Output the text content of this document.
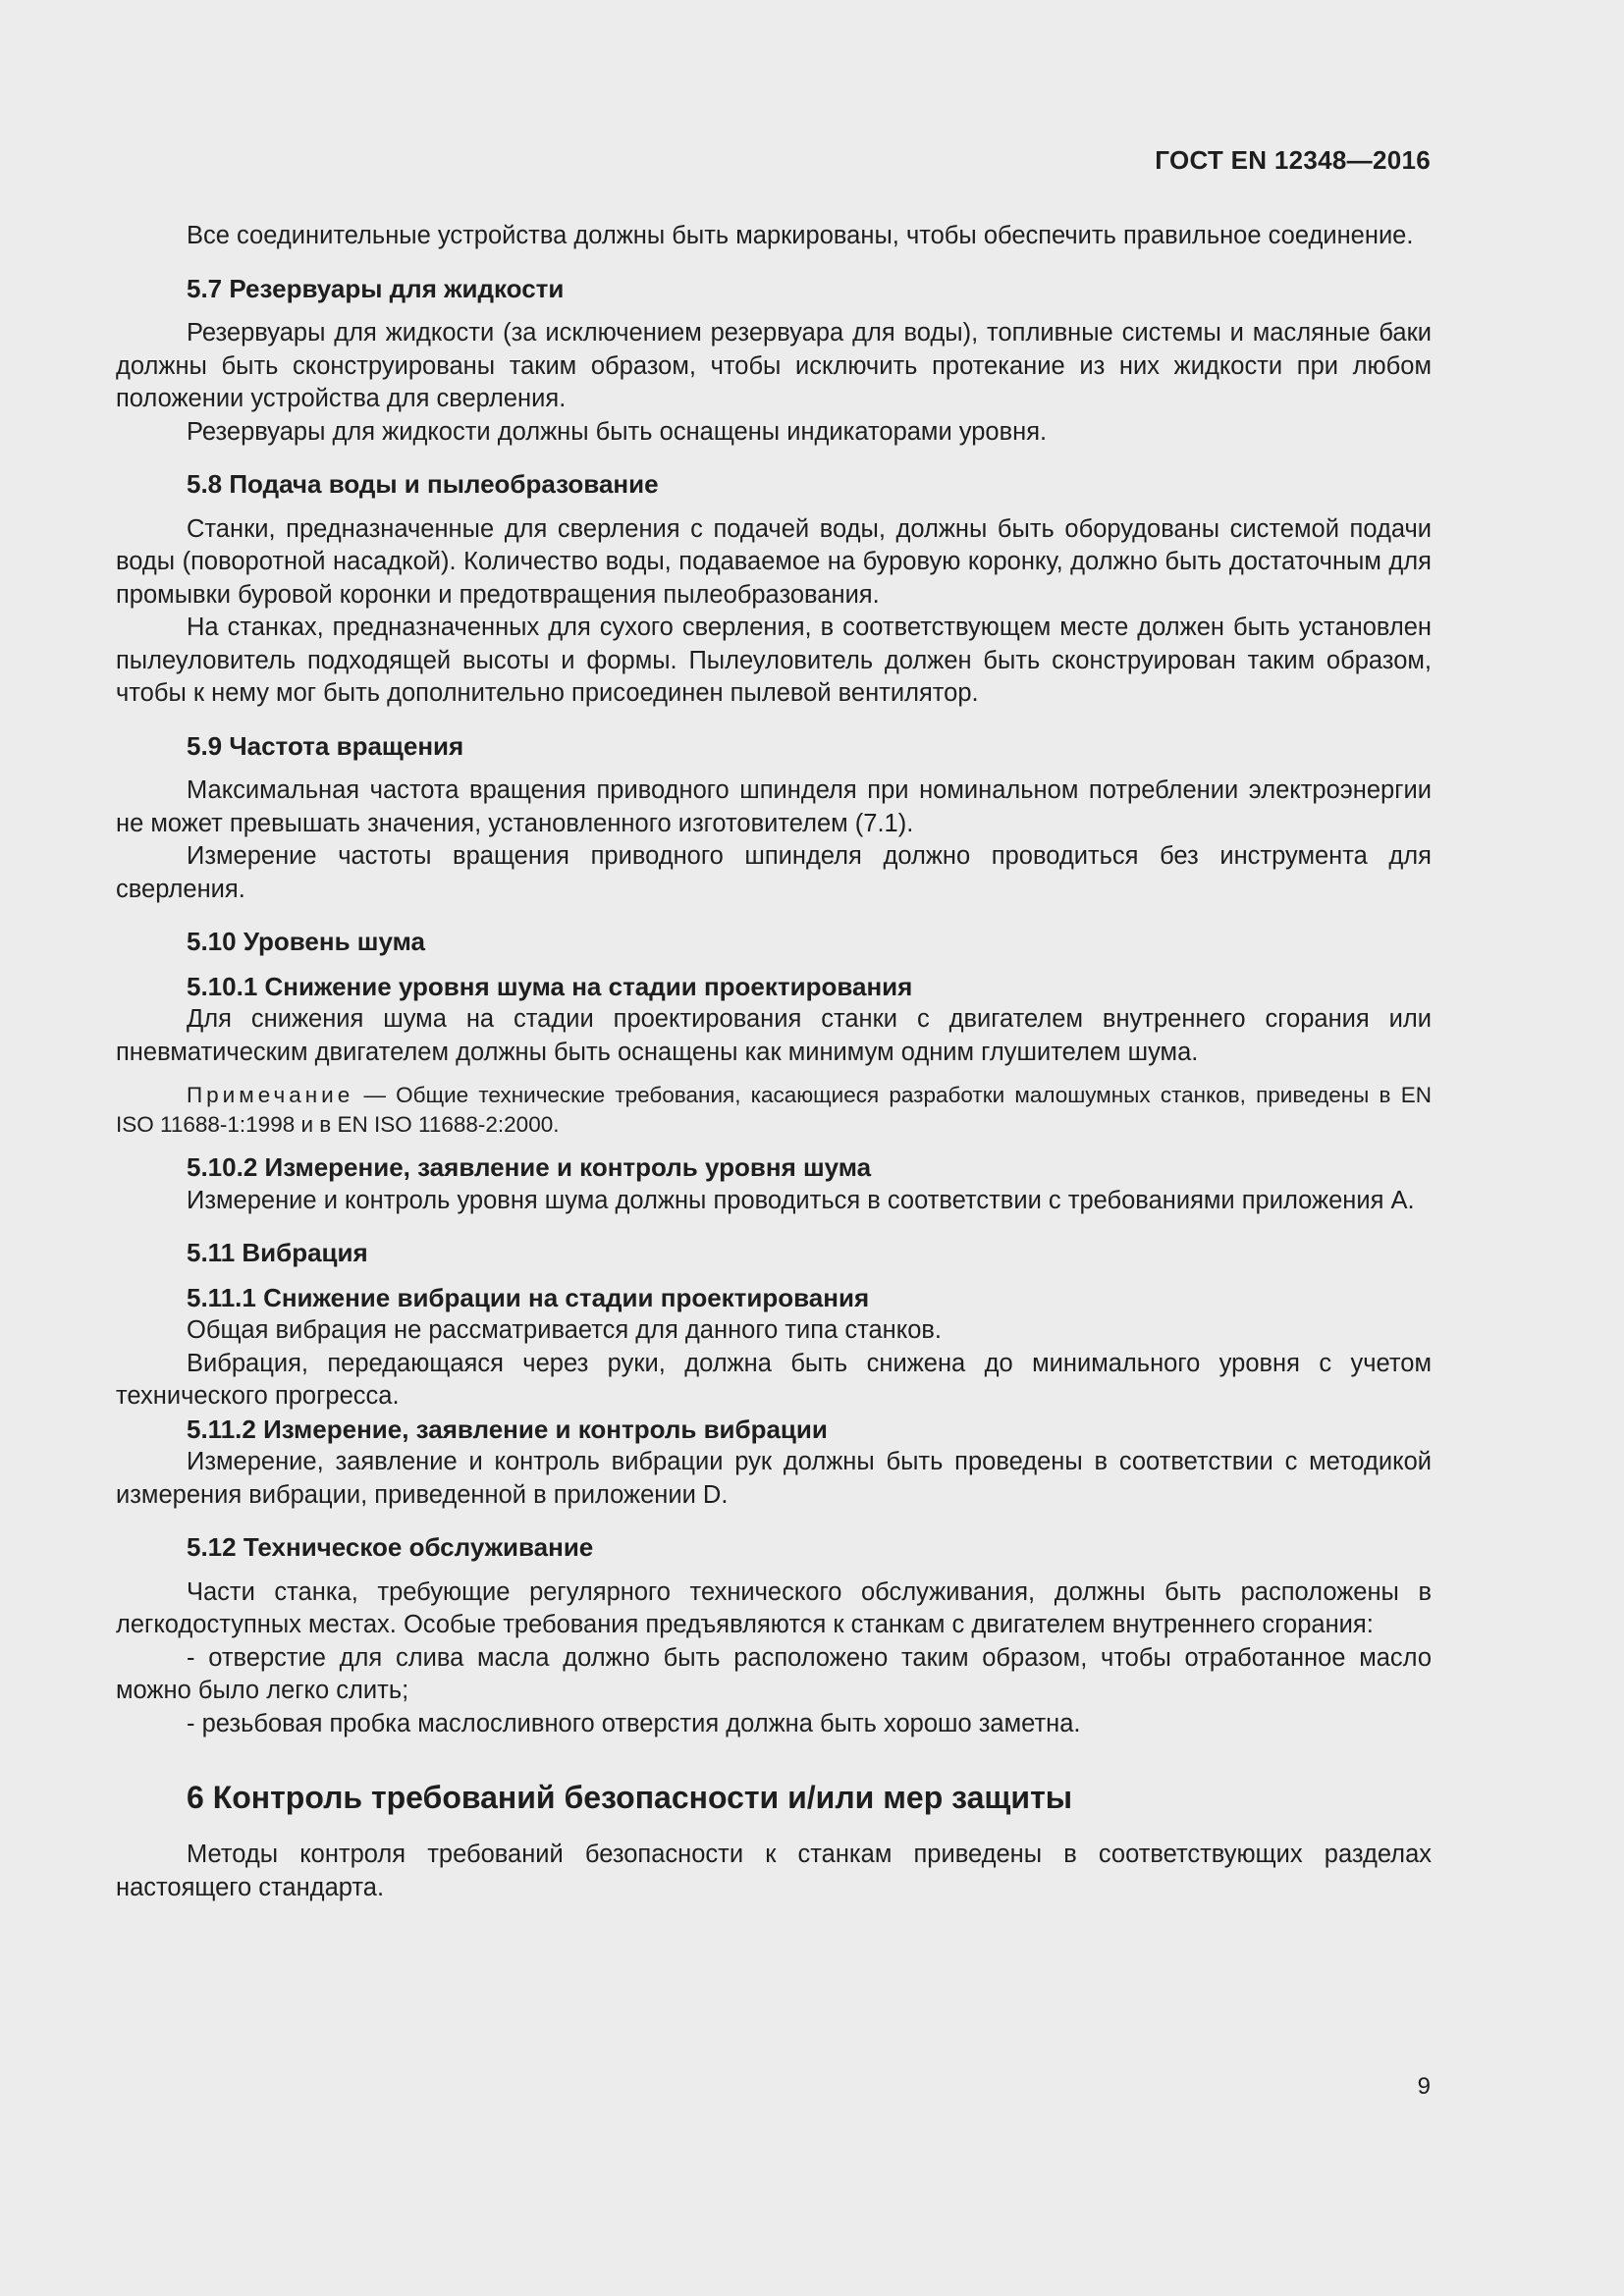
ГОСТ EN 12348—2016

Все соединительные устройства должны быть маркированы, чтобы обеспечить правильное соединение.

5.7 Резервуары для жидкости

Резервуары для жидкости (за исключением резервуара для воды), топливные системы и масляные баки должны быть сконструированы таким образом, чтобы исключить протекание из них жидкости при любом положении устройства для сверления.

Резервуары для жидкости должны быть оснащены индикаторами уровня.

5.8 Подача воды и пылеобразование

Станки, предназначенные для сверления с подачей воды, должны быть оборудованы системой подачи воды (поворотной насадкой). Количество воды, подаваемое на буровую коронку, должно быть достаточным для промывки буровой коронки и предотвращения пылеобразования.

На станках, предназначенных для сухого сверления, в соответствующем месте должен быть установлен пылеуловитель подходящей высоты и формы. Пылеуловитель должен быть сконструирован таким образом, чтобы к нему мог быть дополнительно присоединен пылевой вентилятор.

5.9 Частота вращения

Максимальная частота вращения приводного шпинделя при номинальном потреблении электроэнергии не может превышать значения, установленного изготовителем (7.1).

Измерение частоты вращения приводного шпинделя должно проводиться без инструмента для сверления.

5.10 Уровень шума

5.10.1 Снижение уровня шума на стадии проектирования

Для снижения шума на стадии проектирования станки с двигателем внутреннего сгорания или пневматическим двигателем должны быть оснащены как минимум одним глушителем шума.

Примечание — Общие технические требования, касающиеся разработки малошумных станков, приведены в EN ISO 11688-1:1998 и в EN ISO 11688-2:2000.

5.10.2 Измерение, заявление и контроль уровня шума

Измерение и контроль уровня шума должны проводиться в соответствии с требованиями приложения А.

5.11 Вибрация

5.11.1 Снижение вибрации на стадии проектирования

Общая вибрация не рассматривается для данного типа станков.

Вибрация, передающаяся через руки, должна быть снижена до минимального уровня с учетом технического прогресса.

5.11.2 Измерение, заявление и контроль вибрации

Измерение, заявление и контроль вибрации рук должны быть проведены в соответствии с методикой измерения вибрации, приведенной в приложении D.

5.12 Техническое обслуживание

Части станка, требующие регулярного технического обслуживания, должны быть расположены в легкодоступных местах. Особые требования предъявляются к станкам с двигателем внутреннего сгорания:

- отверстие для слива масла должно быть расположено таким образом, чтобы отработанное масло можно было легко слить;

- резьбовая пробка маслосливного отверстия должна быть хорошо заметна.

6 Контроль требований безопасности и/или мер защиты

Методы контроля требований безопасности к станкам приведены в соответствующих разделах настоящего стандарта.

9
